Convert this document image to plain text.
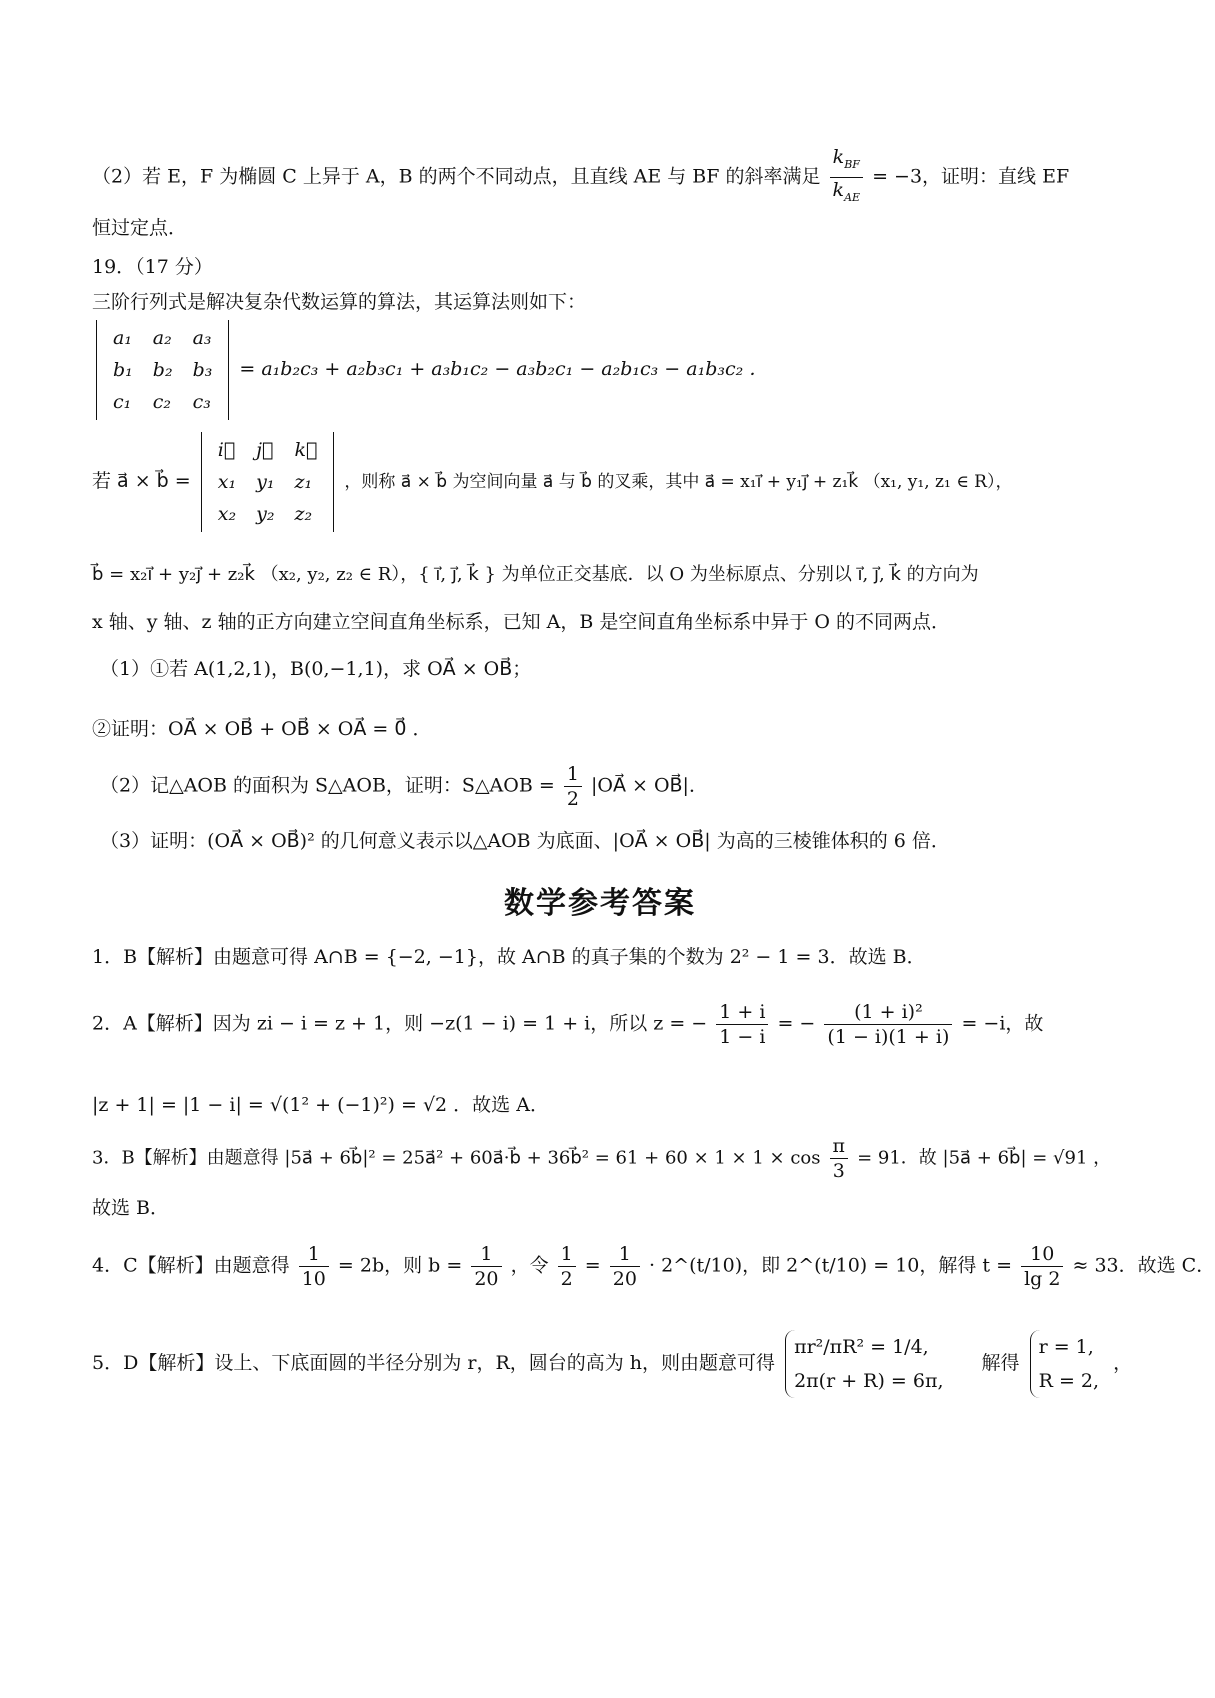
（2）若 E，F 为椭圆 C 上异于 A，B 的两个不同动点，且直线 AE 与 BF 的斜率满足 $\frac{k_{BF}}{k_{AE}} = -3$，证明：直线 EF
恒过定点．
19．（17 分）
三阶行列式是解决复杂代数运算的算法，其运算法则如下：
a₁	a₂	a₃
b₁	b₂	b₃
c₁	c₂	c₃
= a₁b₂c₃ + a₂b₃c₁ + a₃b₁c₂ − a₃b₂c₁ − a₂b₁c₃ − a₁b₃c₂ ．
若 a⃗ × b⃗ =
i⃗	j⃗	k⃗
x₁	y₁	z₁
x₂	y₂	z₂
，则称 a⃗ × b⃗ 为空间向量 a⃗ 与 b⃗ 的叉乘，其中 a⃗ = x₁i⃗ + y₁j⃗ + z₁k⃗ （x₁, y₁, z₁ ∈ R），
b⃗ = x₂i⃗ + y₂j⃗ + z₂k⃗ （x₂, y₂, z₂ ∈ R），{ i⃗, j⃗, k⃗ } 为单位正交基底．以 O 为坐标原点、分别以 i⃗, j⃗, k⃗ 的方向为
x 轴、y 轴、z 轴的正方向建立空间直角坐标系，已知 A，B 是空间直角坐标系中异于 O 的不同两点．
（1）①若 A(1,2,1)，B(0,−1,1)，求 OA⃗ × OB⃗；
②证明：OA⃗ × OB⃗ + OB⃗ × OA⃗ = 0⃗ ．
（2）记△AOB 的面积为 S△AOB，证明：S△AOB = $\frac{1}{2}$ |OA⃗ × OB⃗|．
（3）证明：(OA⃗ × OB⃗)² 的几何意义表示以△AOB 为底面、|OA⃗ × OB⃗| 为高的三棱锥体积的 6 倍．
数学参考答案
1．B【解析】由题意可得 A∩B = {−2, −1}，故 A∩B 的真子集的个数为 2² − 1 = 3．故选 B．
2．A【解析】因为 zi − i = z + 1，则 −z(1 − i) = 1 + i，所以 z = − $\frac{1 + i}{1 - i}$ = − $\frac{\text{(1 + i)²}}{(1 - i)(1 + i)} = -i$，故
|z + 1| = |1 − i| = √(1² + (−1)²) = √2 ．故选 A．
3．B【解析】由题意得 |5a⃗ + 6b⃗|² = 25a⃗² + 60a⃗·b⃗ + 36b⃗² = $61 + 60 \times 1 \times 1 \times \cos \frac{\pi}{3} = 91$．故 |5a⃗ + 6b⃗| = √91 ，
故选 B．
4．C【解析】由题意得 $\frac{1}{10} = 2b$，则 $b = \frac{1}{20}$ ，令 $\frac{1}{2} = \frac{1}{20}$ · 2^(t/10)，即 2^(t/10) = 10，解得 $t = \frac{10}{\lg 2} \approx 33$．故选 C．
5．D【解析】设上、下底面圆的半径分别为 r，R，圆台的高为 h，则由题意可得
πr²/πR² = 1/4,
2π(r + R) = 6π,
解得
r = 1,
R = 2,
，
